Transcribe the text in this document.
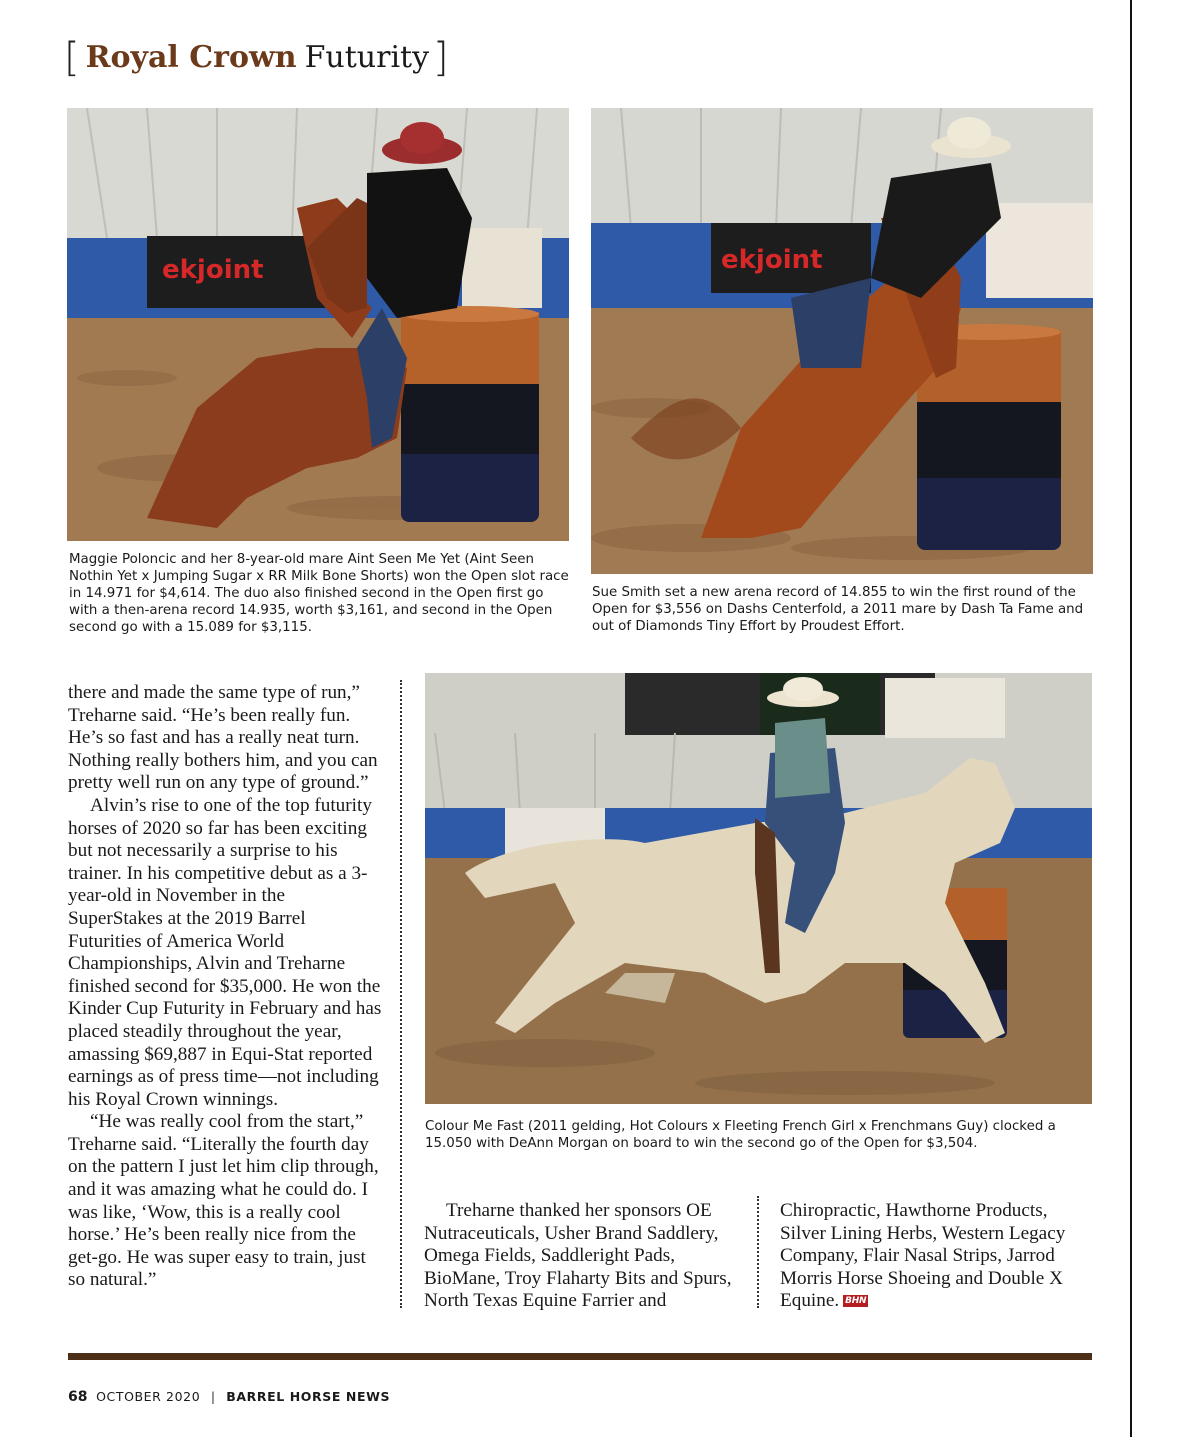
[ Royal Crown Futurity ]
ekjoint	ekjoint
Maggie Poloncic and her 8-year-old mare Aint Seen Me Yet (Aint Seen Nothin Yet x Jumping Sugar x RR Milk Bone Shorts) won the Open slot race in 14.971 for $4,614. The duo also finished second in the Open first go with a then-arena record 14.935, worth $3,161, and second in the Open second go with a 15.089 for $3,115.
Sue Smith set a new arena record of 14.855 to win the first round of the Open for $3,556 on Dashs Centerfold, a 2011 mare by Dash Ta Fame and out of Diamonds Tiny Effort by Proudest Effort.

there and made the same type of run,” Treharne said. “He’s been really fun. He’s so fast and has a really neat turn. Nothing really bothers him, and you can pretty well run on any type of ground.”

Alvin’s rise to one of the top futurity horses of 2020 so far has been exciting but not necessarily a surprise to his trainer. In his competitive debut as a 3-year-old in November in the SuperStakes at the 2019 Barrel Futurities of America World Championships, Alvin and Treharne finished second for $35,000. He won the Kinder Cup Futurity in February and has placed steadily throughout the year, amassing $69,887 in Equi-Stat reported earnings as of press time—not including his Royal Crown winnings.

“He was really cool from the start,” Treharne said. “Literally the fourth day on the pattern I just let him clip through, and it was amazing what he could do. I was like, ‘Wow, this is a really cool horse.’ He’s been really nice from the get-go. He was super easy to train, just so natural.”

Colour Me Fast (2011 gelding, Hot Colours x Fleeting French Girl x Frenchmans Guy) clocked a 15.050 with DeAnn Morgan on board to win the second go of the Open for $3,504.

Treharne thanked her sponsors OE Nutraceuticals, Usher Brand Saddlery, Omega Fields, Saddleright Pads, BioMane, Troy Flaharty Bits and Spurs, North Texas Equine Farrier and

Chiropractic, Hawthorne Products, Silver Lining Herbs, Western Legacy Company, Flair Nasal Strips, Jarrod Morris Horse Shoeing and Double X Equine. BHN

68 OCTOBER 2020 | BARREL HORSE NEWS
